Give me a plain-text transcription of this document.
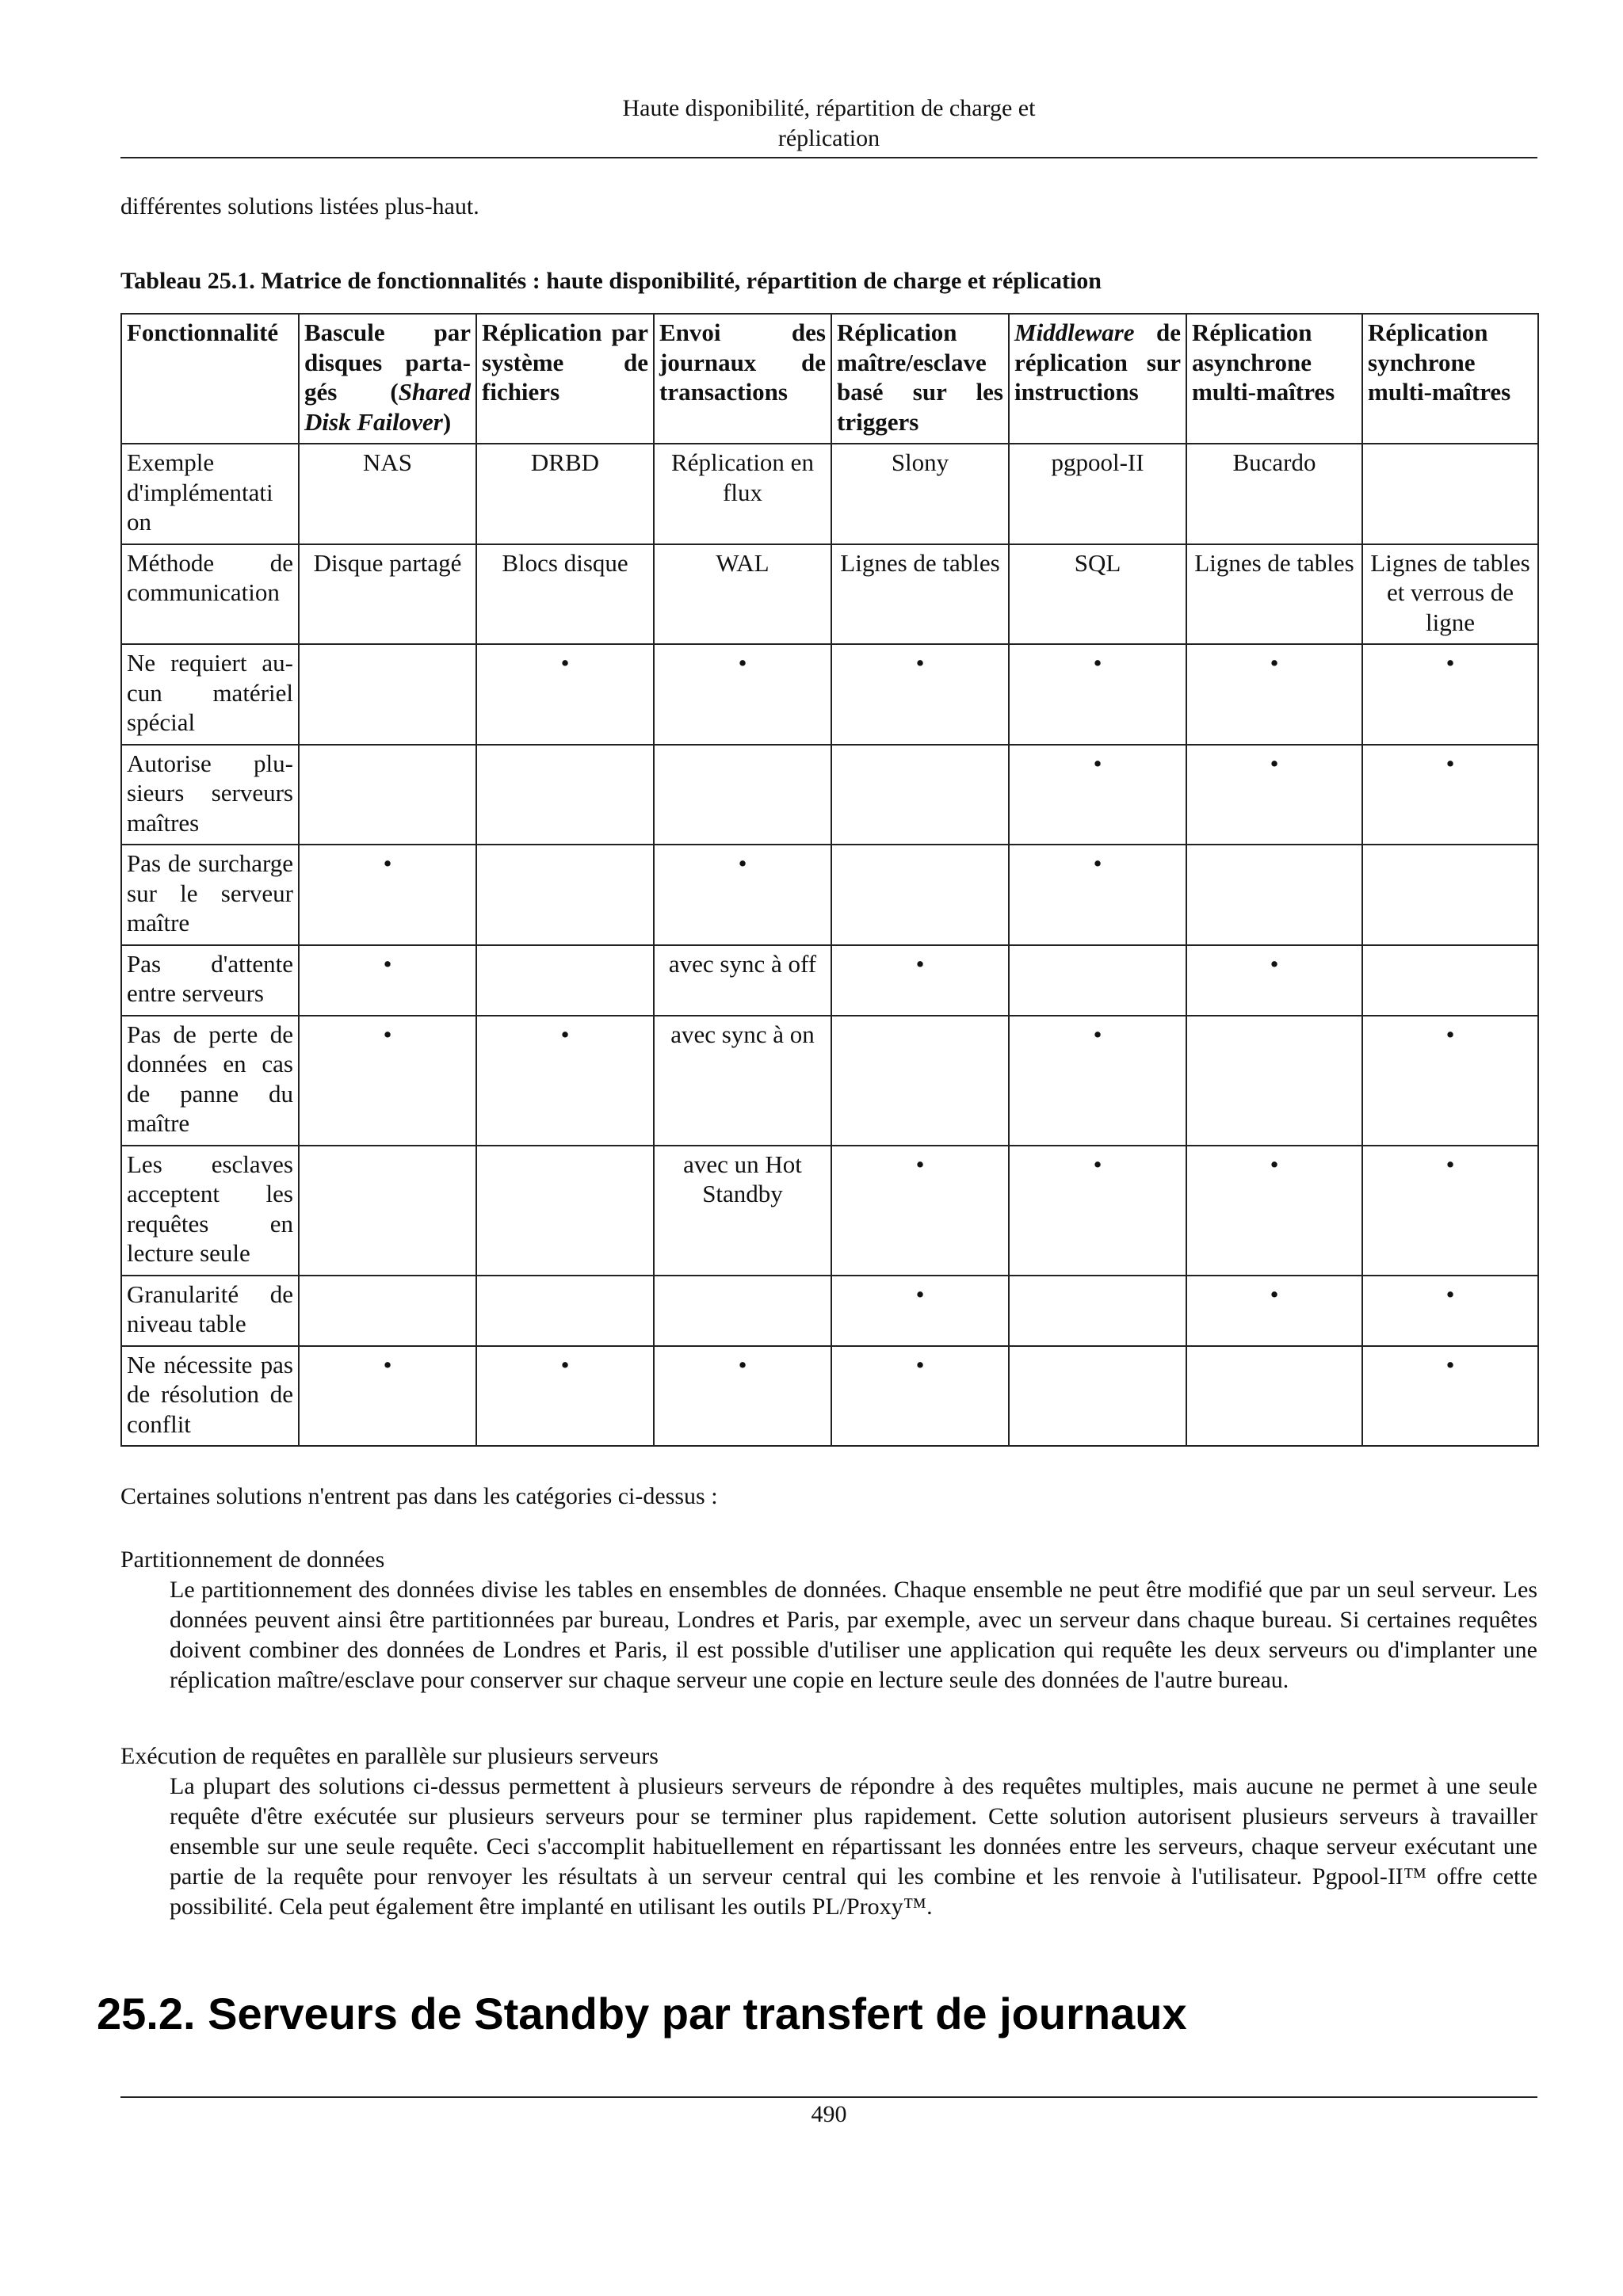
Haute disponibilité, répartition de charge et
réplication
différentes solutions listées plus-haut.
Tableau 25.1. Matrice de fonctionnalités : haute disponibilité, répartition de charge et réplication
Fonctionnalité	Bascule par disques partagés (Shared Disk Failover)	Réplication par système de fichiers	Envoi des journaux de transactions	Réplication maître/esclave basé sur les triggers	Middleware de réplication sur instructions	Réplication asynchrone multi-maîtres	Réplication synchrone multi-maîtres
Exemple d'implémentati on	NAS	DRBD	Réplication en flux	Slony	pgpool-II	Bucardo	
Méthode de communication	Disque partagé	Blocs disque	WAL	Lignes de tables	SQL	Lignes de tables	Lignes de tables et verrous de ligne
Ne requiert aucun matériel spécial		•	•	•	•	•	•
Autorise plusieurs serveurs maîtres					•	•	•
Pas de surcharge sur le serveur maître	•		•		•		
Pas d'attente entre serveurs	•		avec sync à off	•		•	
Pas de perte de données en cas de panne du maître	•	•	avec sync à on		•		•
Les esclaves acceptent les requêtes en lecture seule			avec un Hot Standby	•	•	•	•
Granularité de niveau table				•		•	•
Ne nécessite pas de résolution de conflit	•	•	•	•			•
Certaines solutions n'entrent pas dans les catégories ci-dessus :
Partitionnement de données
Le partitionnement des données divise les tables en ensembles de données. Chaque ensemble ne peut être modifié que par un seul serveur. Les données peuvent ainsi être partitionnées par bureau, Londres et Paris, par exemple, avec un serveur dans chaque bureau. Si certaines requêtes doivent combiner des données de Londres et Paris, il est possible d'utiliser une application qui requête les deux serveurs ou d'implanter une réplication maître/esclave pour conserver sur chaque serveur une copie en lecture seule des données de l'autre bureau.
Exécution de requêtes en parallèle sur plusieurs serveurs
La plupart des solutions ci-dessus permettent à plusieurs serveurs de répondre à des requêtes multiples, mais aucune ne permet à une seule requête d'être exécutée sur plusieurs serveurs pour se terminer plus rapidement. Cette solution autorisent plusieurs serveurs à travailler ensemble sur une seule requête. Ceci s'accomplit habituellement en répartissant les données entre les serveurs, chaque serveur exécutant une partie de la requête pour renvoyer les résultats à un serveur central qui les combine et les renvoie à l'utilisateur. Pgpool-II™ offre cette possibilité. Cela peut également être implanté en utilisant les outils PL/Proxy™.
25.2. Serveurs de Standby par transfert de journaux
490
